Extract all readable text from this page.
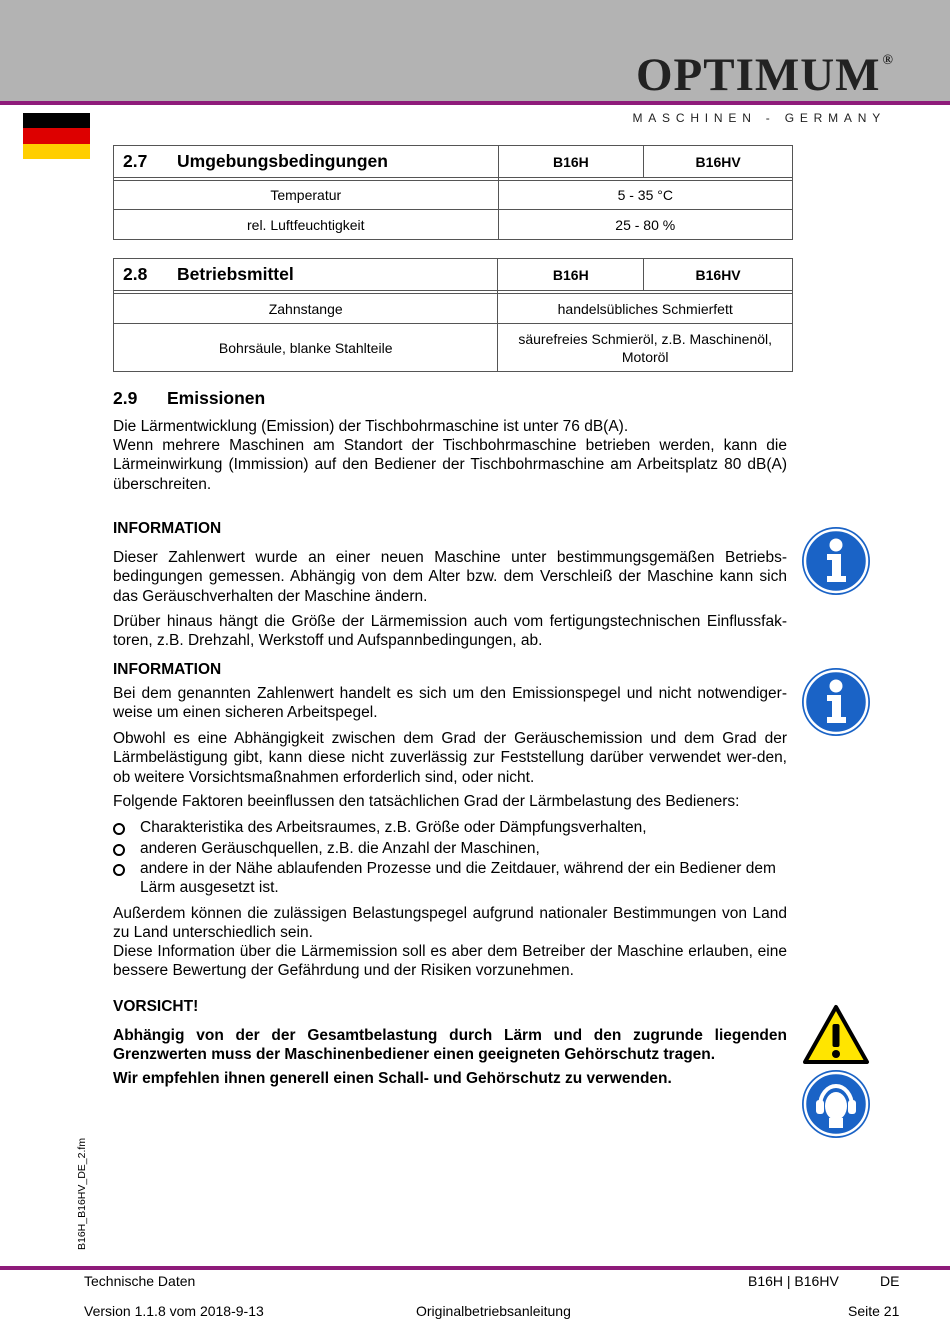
OPTIMUM ®
MASCHINEN - GERMANY
2.7 Umgebungsbedingungen	B16H	B16HV

Temperatur	5 - 35 °C	
rel. Luftfeuchtigkeit	25 - 80 %	
2.8 Betriebsmittel	B16H	B16HV

Zahnstange	handelsübliches Schmierfett	
Bohrsäule, blanke Stahlteile	säurefreies Schmieröl, z.B. Maschinenöl, Motoröl	
2.9 Emissionen
Die Lärmentwicklung (Emission) der Tischbohrmaschine ist unter 76 dB(A).
Wenn mehrere Maschinen am Standort der Tischbohrmaschine betrieben werden, kann die Lärmeinwirkung (Immission) auf den Bediener der Tischbohrmaschine am Arbeitsplatz 80 dB(A) überschreiten.
INFORMATION
Dieser Zahlenwert wurde an einer neuen Maschine unter bestimmungsgemäßen Betriebs-bedingungen gemessen. Abhängig von dem Alter bzw. dem Verschleiß der Maschine kann sich das Geräuschverhalten der Maschine ändern.
Drüber hinaus hängt die Größe der Lärmemission auch vom fertigungstechnischen Einflussfak-toren, z.B. Drehzahl, Werkstoff und Aufspannbedingungen, ab.
INFORMATION
Bei dem genannten Zahlenwert handelt es sich um den Emissionspegel und nicht notwendiger-weise um einen sicheren Arbeitspegel.
Obwohl es eine Abhängigkeit zwischen dem Grad der Geräuschemission und dem Grad der Lärmbelästigung gibt, kann diese nicht zuverlässig zur Feststellung darüber verwendet wer-den, ob weitere Vorsichtsmaßnahmen erforderlich sind, oder nicht.
Folgende Faktoren beeinflussen den tatsächlichen Grad der Lärmbelastung des Bedieners:
Charakteristika des Arbeitsraumes, z.B. Größe oder Dämpfungsverhalten,
anderen Geräuschquellen, z.B. die Anzahl der Maschinen,
andere in der Nähe ablaufenden Prozesse und die Zeitdauer, während der ein Bediener dem Lärm ausgesetzt ist.
Außerdem können die zulässigen Belastungspegel aufgrund nationaler Bestimmungen von Land zu Land unterschiedlich sein.
Diese Information über die Lärmemission soll es aber dem Betreiber der Maschine erlauben, eine bessere Bewertung der Gefährdung und der Risiken vorzunehmen.
VORSICHT!
Abhängig von der der Gesamtbelastung durch Lärm und den zugrunde liegenden Grenzwerten muss der Maschinenbediener einen geeigneten Gehörschutz tragen.
Wir empfehlen ihnen generell einen Schall- und Gehörschutz zu verwenden.
B16H_B16HV_DE_2.fm
Technische Daten	B16H | B16HV	DE
Version 1.1.8 vom 2018-9-13	Originalbetriebsanleitung	Seite 21
